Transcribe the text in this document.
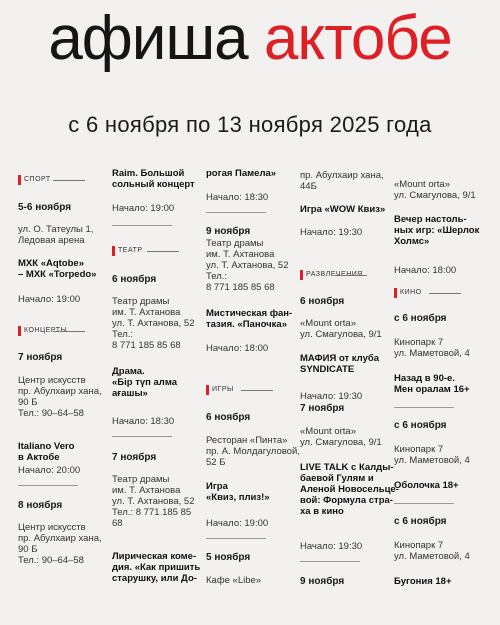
афиша актобе
с 6 ноября по 13 ноября 2025 года
СПОРТ
5-6 ноября
ул. О. Татеулы 1,
Ледовая арена
МХК «Aqtobe»
– МХК «Torpedo»
Начало: 19:00
КОНЦЕРТЫ
7 ноября
Центр искусств
пр. Абулхаир хана,
90 Б
Тел.: 90–64–58
Italiano Vero
в Актобе
Начало: 20:00
8 ноября
Центр искусств
пр. Абулхаир хана,
90 Б
Тел.: 90–64–58
Raim. Большой
сольный концерт
Начало: 19:00
ТЕАТР
6 ноября
Театр драмы
им. Т. Ахтанова
ул. Т. Ахтанова, 52
Тел.:
8 771 185 85 68
Драма.
«Бір түп алма
ағашы»
Начало: 18:30
7 ноября
Театр драмы
им. Т. Ахтанова
ул. Т. Ахтанова, 52
Тел.: 8 771 185 85
68
Лирическая коме-
дия. «Как пришить
старушку, или До-
рогая Памела»
Начало: 18:30
9 ноября
Театр драмы
им. Т. Ахтанова
ул. Т. Ахтанова, 52
Тел.:
8 771 185 85 68
Мистическая фан-
тазия. «Паночка»
Начало: 18:00
ИГРЫ
6 ноября
Ресторан «Пинта»
пр. А. Молдагуловой,
52 Б
Игра
«Квиз, плиз!»
Начало: 19:00
5 ноября
Кафе «Libe»
пр. Абулхаир хана,
44Б
Игра «WOW Квиз»
Начало: 19:30
РАЗВЛЕЧЕНИЯ
6 ноября
«Mount orta»
ул. Смагулова, 9/1
МАФИЯ от клуба
SYNDICATE
Начало: 19:30
7 ноября
«Mount orta»
ул. Смагулова, 9/1
LIVE TALK с Калды-
баевой Гулям и
Аленой Новосельце-
вой: Формула стра-
ха в кино
Начало: 19:30
9 ноября
«Mount orta»
ул. Смагулова, 9/1
Вечер настоль-
ных игр: «Шерлок
Холмс»
Начало: 18:00
КИНО
с 6 ноября
Кинопарк 7
ул. Маметовой, 4
Назад в 90-е.
Мен оралам 16+
с 6 ноября
Кинопарк 7
ул. Маметовой, 4
Оболочка 18+
с 6 ноября
Кинопарк 7
ул. Маметовой, 4
Бугония 18+
